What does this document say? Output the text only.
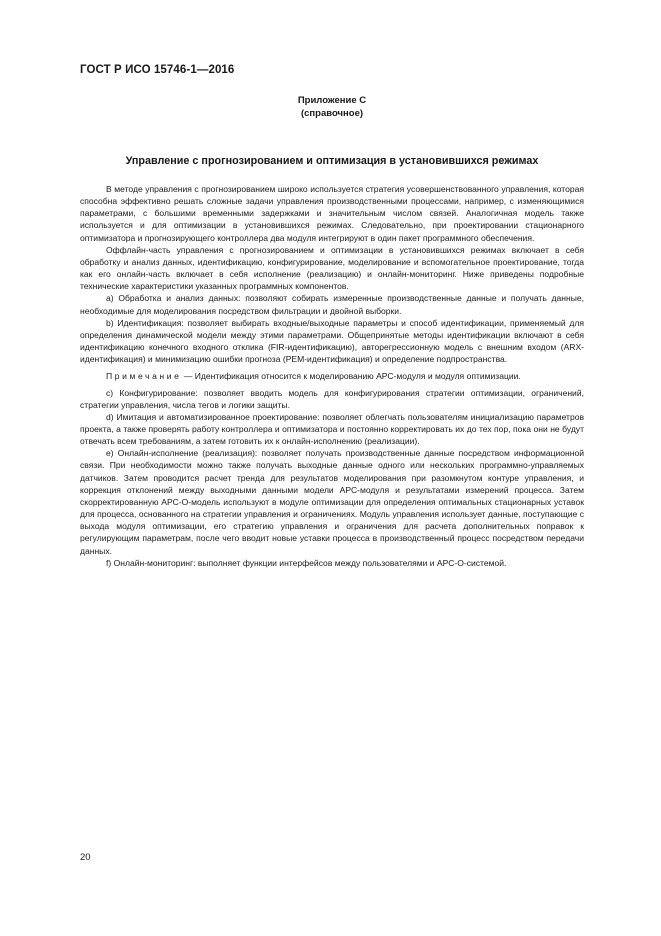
ГОСТ Р ИСО 15746-1—2016
Приложение С
(справочное)
Управление с прогнозированием и оптимизация в установившихся режимах

В методе управления с прогнозированием широко используется стратегия усовершенствованного управления, которая способна эффективно решать сложные задачи управления производственными процессами, например, с изменяющимися параметрами, с большими временными задержками и значительным числом связей. Аналогичная модель также используется и для оптимизации в установившихся режимах. Следовательно, при проектировании стационарного оптимизатора и прогнозирующего контроллера два модуля интегрируют в один пакет программного обеспечения.

Оффлайн-часть управления с прогнозированием и оптимизации в установившихся режимах включает в себя обработку и анализ данных, идентификацию, конфигурирование, моделирование и вспомогательное проектирование, тогда как его онлайн-часть включает в себя исполнение (реализацию) и онлайн-мониторинг. Ниже приведены подробные технические характеристики указанных программных компонентов.

a) Обработка и анализ данных: позволяют собирать измеренные производственные данные и получать данные, необходимые для моделирования посредством фильтрации и двойной выборки.

b) Идентификация: позволяет выбирать входные/выходные параметры и способ идентификации, применяемый для определения динамической модели между этими параметрами. Общепринятые методы идентификации включают в себя идентификацию конечного входного отклика (FIR-идентификацию), авторегрессионную модель с внешним входом (ARX-идентификация) и минимизацию ошибки прогноза (PEM-идентификация) и определение подпространства.

Примечание — Идентификация относится к моделированию АРС-модуля и модуля оптимизации.

c) Конфигурирование: позволяет вводить модель для конфигурирования стратегии оптимизации, ограничений, стратегии управления, числа тегов и логики защиты.

d) Имитация и автоматизированное проектирование: позволяет облегчать пользователям инициализацию параметров проекта, а также проверять работу контроллера и оптимизатора и постоянно корректировать их до тех пор, пока они не будут отвечать всем требованиям, а затем готовить их к онлайн-исполнению (реализации).

e) Онлайн-исполнение (реализация): позволяет получать производственные данные посредством информационной связи. При необходимости можно также получать выходные данные одного или нескольких программно-управляемых датчиков. Затем проводится расчет тренда для результатов моделирования при разомкнутом контуре управления, и коррекция отклонений между выходными данными модели АРС-модуля и результатами измерений процесса. Затем скорректированную АРС-О-модель используют в модуле оптимизации для определения оптимальных стационарных уставок для процесса, основанного на стратегии управления и ограничениях. Модуль управления использует данные, поступающие с выхода модуля оптимизации, его стратегию управления и ограничения для расчета дополнительных поправок к регулирующим параметрам, после чего вводит новые уставки процесса в производственный процесс посредством передачи данных.

f) Онлайн-мониторинг: выполняет функции интерфейсов между пользователями и АРС-О-системой.

20
